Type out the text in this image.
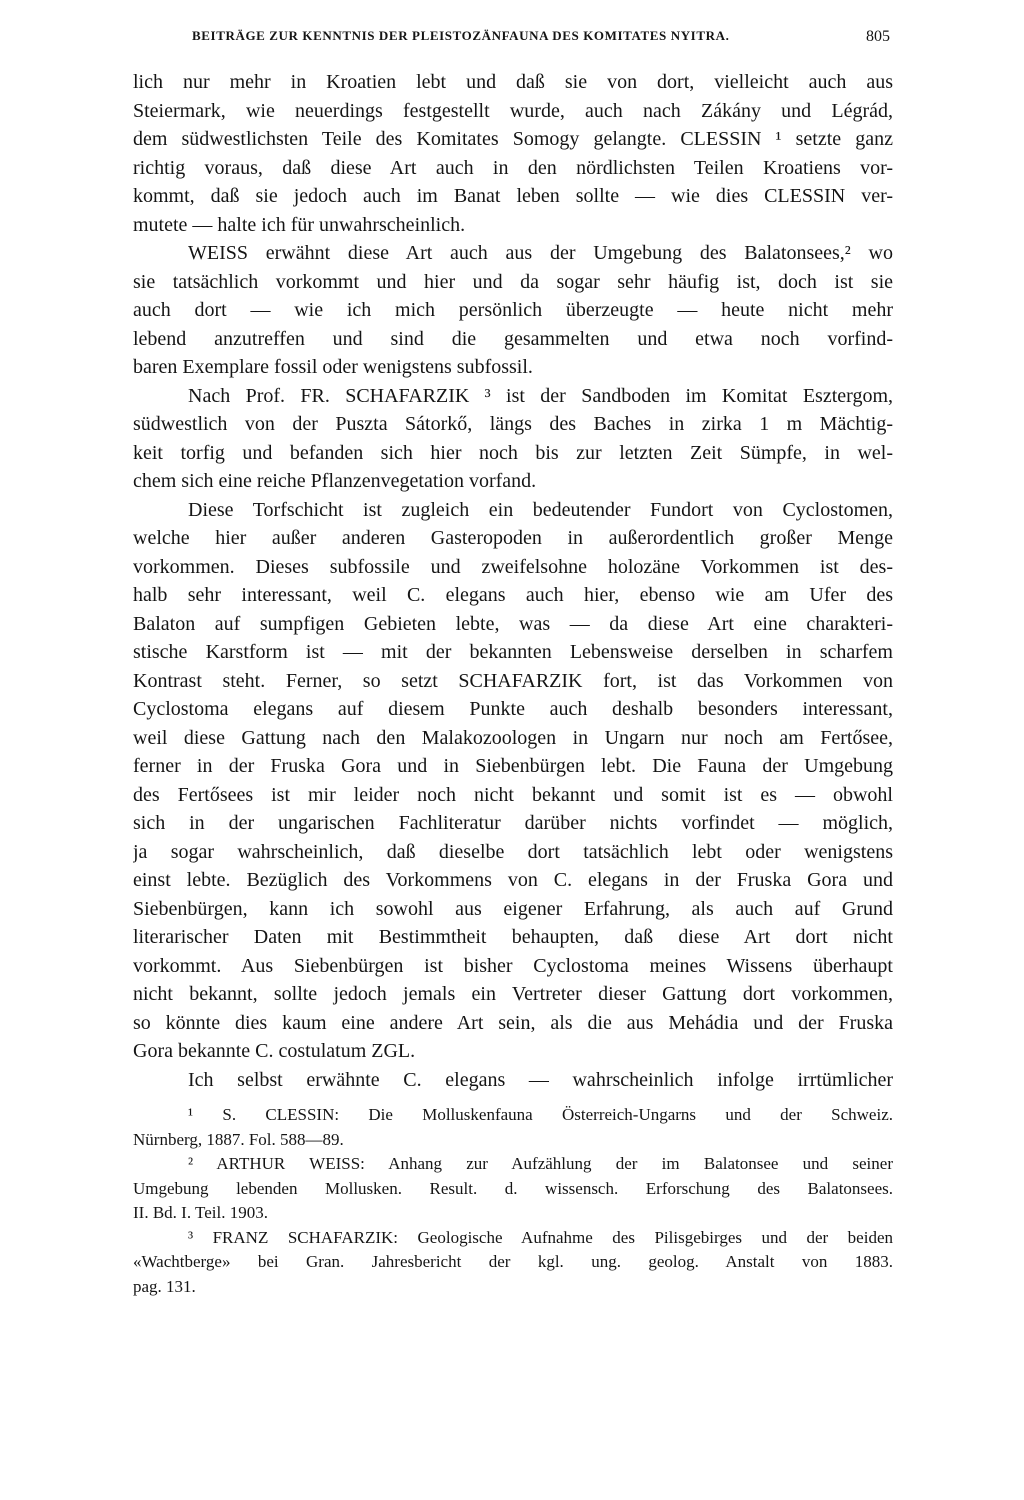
BEITRÄGE ZUR KENNTNIS DER PLEISTOZÄNFAUNA DES KOMITATES NYITRA.	805
lich nur mehr in Kroatien lebt und daß sie von dort, vielleicht auch aus
Steiermark, wie neuerdings festgestellt wurde, auch nach Zákány und Légrád,
dem südwestlichsten Teile des Komitates Somogy gelangte. CLESSIN ¹ setzte ganz
richtig voraus, daß diese Art auch in den nördlichsten Teilen Kroatiens vor-
kommt, daß sie jedoch auch im Banat leben sollte — wie dies CLESSIN ver-
mutete — halte ich für unwahrscheinlich.
WEISS erwähnt diese Art auch aus der Umgebung des Balatonsees,² wo
sie tatsächlich vorkommt und hier und da sogar sehr häufig ist, doch ist sie
auch dort — wie ich mich persönlich überzeugte — heute nicht mehr
lebend anzutreffen und sind die gesammelten und etwa noch vorfind-
baren Exemplare fossil oder wenigstens subfossil.
Nach Prof. FR. SCHAFARZIK ³ ist der Sandboden im Komitat Esztergom,
südwestlich von der Puszta Sátorkő, längs des Baches in zirka 1 m Mächtig-
keit torfig und befanden sich hier noch bis zur letzten Zeit Sümpfe, in wel-
chem sich eine reiche Pflanzenvegetation vorfand.
Diese Torfschicht ist zugleich ein bedeutender Fundort von Cyclostomen,
welche hier außer anderen Gasteropoden in außerordentlich großer Menge
vorkommen. Dieses subfossile und zweifelsohne holozäne Vorkommen ist des-
halb sehr interessant, weil C. elegans auch hier, ebenso wie am Ufer des
Balaton auf sumpfigen Gebieten lebte, was — da diese Art eine charakteri-
stische Karstform ist — mit der bekannten Lebensweise derselben in scharfem
Kontrast steht. Ferner, so setzt SCHAFARZIK fort, ist das Vorkommen von
Cyclostoma elegans auf diesem Punkte auch deshalb besonders interessant,
weil diese Gattung nach den Malakozoologen in Ungarn nur noch am Fertősee,
ferner in der Fruska Gora und in Siebenbürgen lebt. Die Fauna der Umgebung
des Fertősees ist mir leider noch nicht bekannt und somit ist es — obwohl
sich in der ungarischen Fachliteratur darüber nichts vorfindet — möglich,
ja sogar wahrscheinlich, daß dieselbe dort tatsächlich lebt oder wenigstens
einst lebte. Bezüglich des Vorkommens von C. elegans in der Fruska Gora und
Siebenbürgen, kann ich sowohl aus eigener Erfahrung, als auch auf Grund
literarischer Daten mit Bestimmtheit behaupten, daß diese Art dort nicht
vorkommt. Aus Siebenbürgen ist bisher Cyclostoma meines Wissens überhaupt
nicht bekannt, sollte jedoch jemals ein Vertreter dieser Gattung dort vorkommen,
so könnte dies kaum eine andere Art sein, als die aus Mehádia und der Fruska
Gora bekannte C. costulatum ZGL.
Ich selbst erwähnte C. elegans — wahrscheinlich infolge irrtümlicher
¹ S. CLESSIN: Die Molluskenfauna Österreich-Ungarns und der Schweiz.
Nürnberg, 1887. Fol. 588—89.
² ARTHUR WEISS: Anhang zur Aufzählung der im Balatonsee und seiner
Umgebung lebenden Mollusken. Result. d. wissensch. Erforschung des Balatonsees.
II. Bd. I. Teil. 1903.
³ FRANZ SCHAFARZIK: Geologische Aufnahme des Pilisgebirges und der beiden
«Wachtberge» bei Gran. Jahresbericht der kgl. ung. geolog. Anstalt von 1883.
pag. 131.
